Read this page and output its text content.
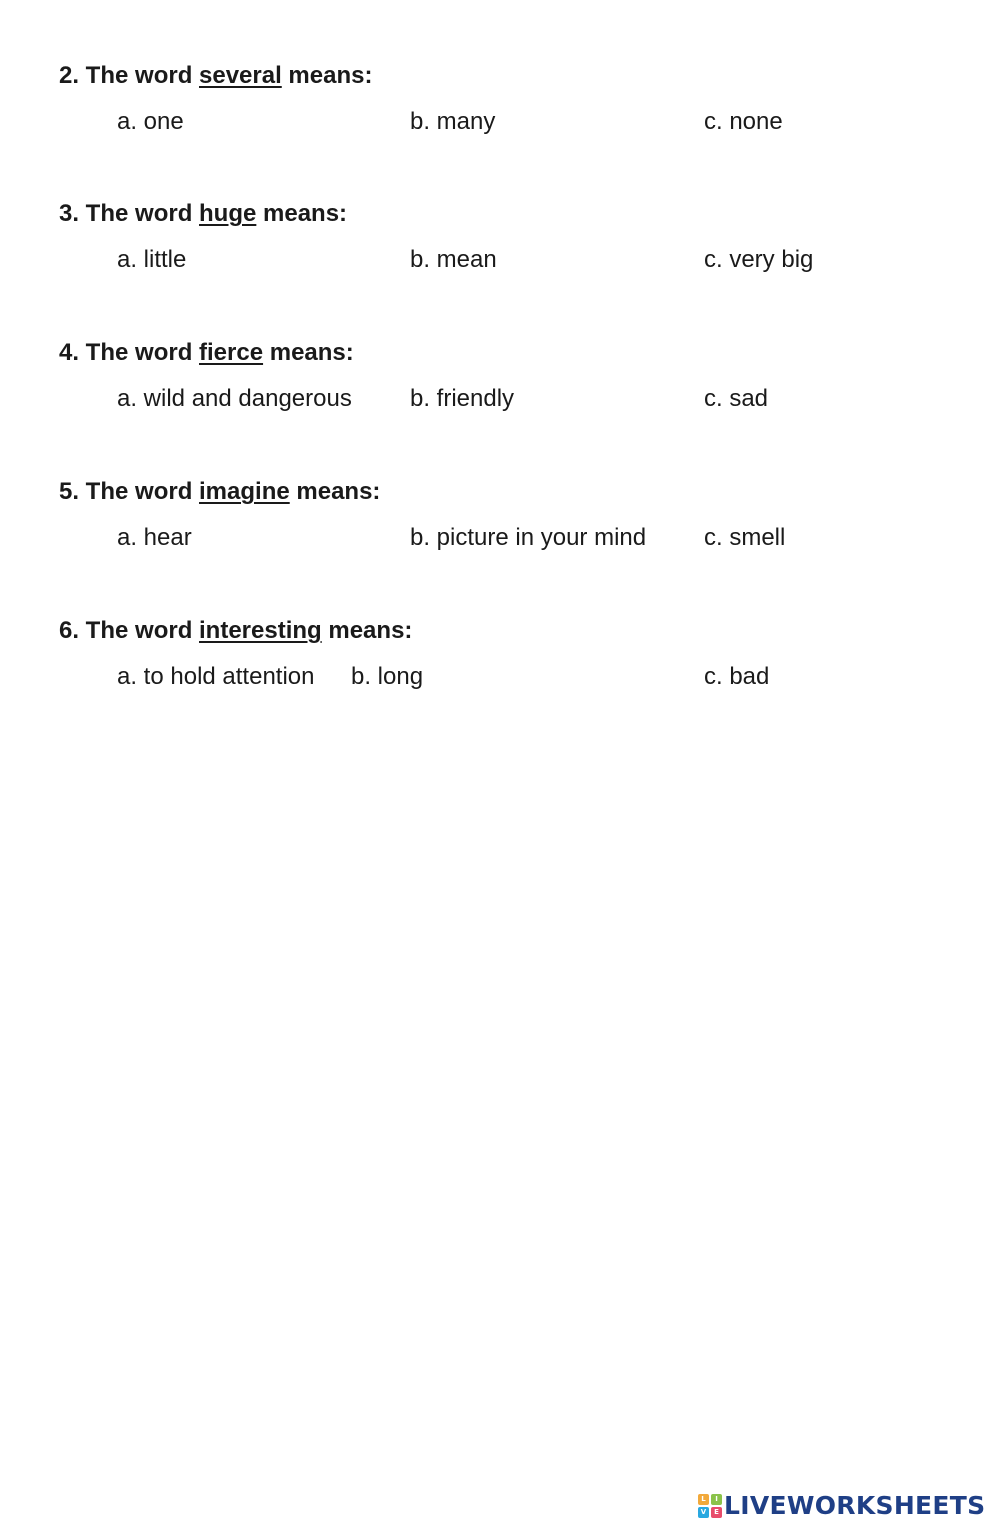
2. The word several means:
a. one	b. many	c. none
3. The word huge means:
a. little	b. mean	c. very big
4. The word fierce means:
a. wild and dangerous b. friendly	c. sad
5. The word imagine means:
a. hear	b. picture in your mind c. smell
6. The word interesting means:
a. to hold attention b. long	c. bad
L	I
V	E LIVEWORKSHEETS
